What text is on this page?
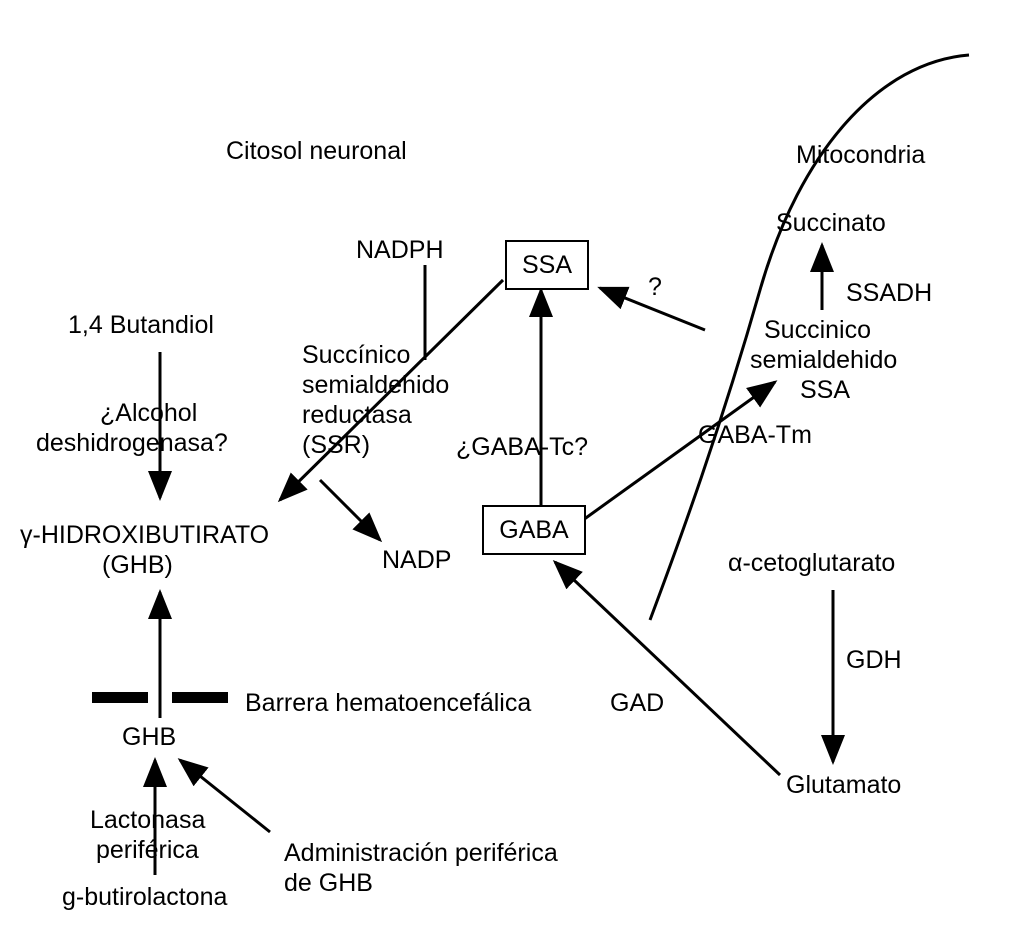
Citosol neuronal	Mitocondria
1,4 Butandiol
¿Alcohol
deshidrogenasa?
γ-HIDROXIBUTIRATO
(GHB)
Barrera hematoencefálica
GHB
Lactonasa
periférica
g-butirolactona
Administración periférica
de GHB
NADPH
Succínico
semialdehido
reductasa
(SSR)
NADP
SSA
GABA
¿GABA-Tc?
?
GABA-Tm
Succinato
SSADH
Succinico
semialdehido
SSA
α-cetoglutarato
GDH
GAD
Glutamato
